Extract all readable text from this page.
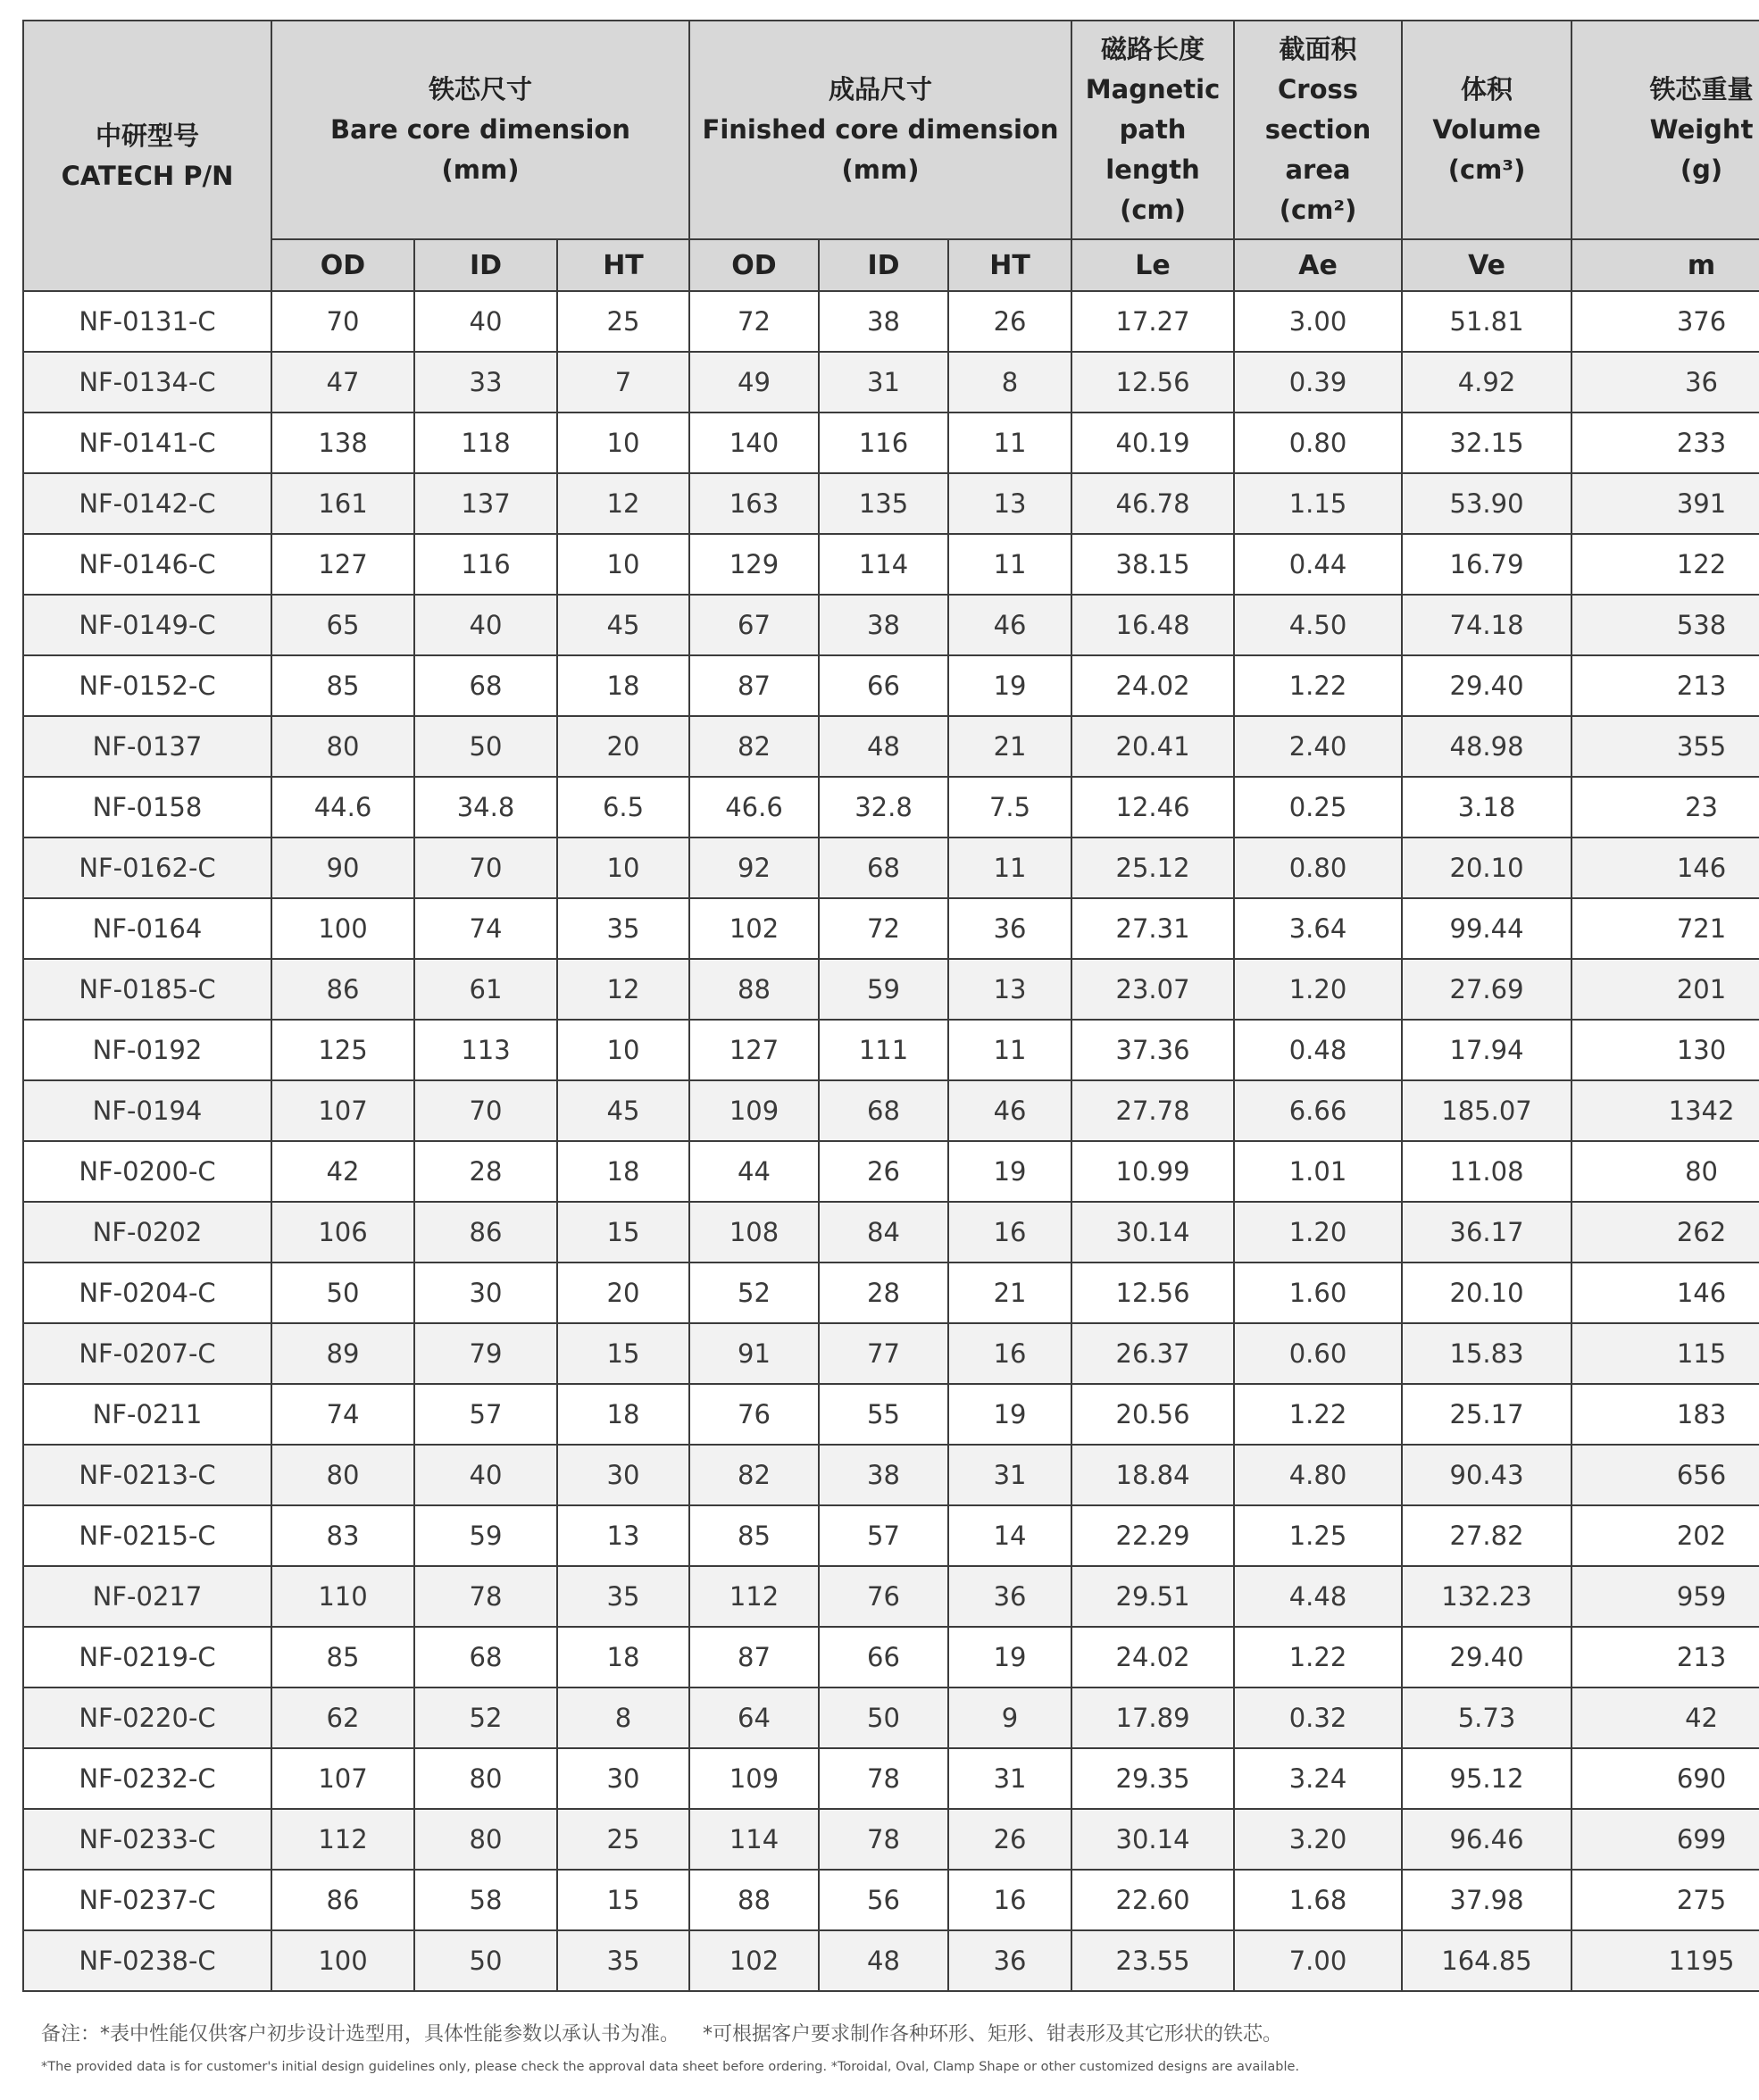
中研型号
CATECH P/N	铁芯尺寸
Bare core dimension
(mm)			成品尺寸
Finished core dimension
(mm)			磁路长度
Magnetic
path
length
(cm)	截面积
Cross
section
area
(cm²)	体积
Volume
(cm³)	铁芯重量
Weight
(g)

	OD	ID	HT	OD	ID	HT	Le	Ae	Ve	m
NF-0131-C	70	40	25	72	38	26	17.27	3.00	51.81	376
NF-0134-C	47	33	7	49	31	8	12.56	0.39	4.92	36
NF-0141-C	138	118	10	140	116	11	40.19	0.80	32.15	233
NF-0142-C	161	137	12	163	135	13	46.78	1.15	53.90	391
NF-0146-C	127	116	10	129	114	11	38.15	0.44	16.79	122
NF-0149-C	65	40	45	67	38	46	16.48	4.50	74.18	538
NF-0152-C	85	68	18	87	66	19	24.02	1.22	29.40	213
NF-0137	80	50	20	82	48	21	20.41	2.40	48.98	355
NF-0158	44.6	34.8	6.5	46.6	32.8	7.5	12.46	0.25	3.18	23
NF-0162-C	90	70	10	92	68	11	25.12	0.80	20.10	146
NF-0164	100	74	35	102	72	36	27.31	3.64	99.44	721
NF-0185-C	86	61	12	88	59	13	23.07	1.20	27.69	201
NF-0192	125	113	10	127	111	11	37.36	0.48	17.94	130
NF-0194	107	70	45	109	68	46	27.78	6.66	185.07	1342
NF-0200-C	42	28	18	44	26	19	10.99	1.01	11.08	80
NF-0202	106	86	15	108	84	16	30.14	1.20	36.17	262
NF-0204-C	50	30	20	52	28	21	12.56	1.60	20.10	146
NF-0207-C	89	79	15	91	77	16	26.37	0.60	15.83	115
NF-0211	74	57	18	76	55	19	20.56	1.22	25.17	183
NF-0213-C	80	40	30	82	38	31	18.84	4.80	90.43	656
NF-0215-C	83	59	13	85	57	14	22.29	1.25	27.82	202
NF-0217	110	78	35	112	76	36	29.51	4.48	132.23	959
NF-0219-C	85	68	18	87	66	19	24.02	1.22	29.40	213
NF-0220-C	62	52	8	64	50	9	17.89	0.32	5.73	42
NF-0232-C	107	80	30	109	78	31	29.35	3.24	95.12	690
NF-0233-C	112	80	25	114	78	26	30.14	3.20	96.46	699
NF-0237-C	86	58	15	88	56	16	22.60	1.68	37.98	275
NF-0238-C	100	50	35	102	48	36	23.55	7.00	164.85	1195
备注：*表中性能仅供客户初步设计选型用，具体性能参数以承认书为准。 *可根据客户要求制作各种环形、矩形、钳表形及其它形状的铁芯。
*The provided data is for customer's initial design guidelines only, please check the approval data sheet before ordering. *Toroidal, Oval, Clamp Shape or other customized designs are available.
